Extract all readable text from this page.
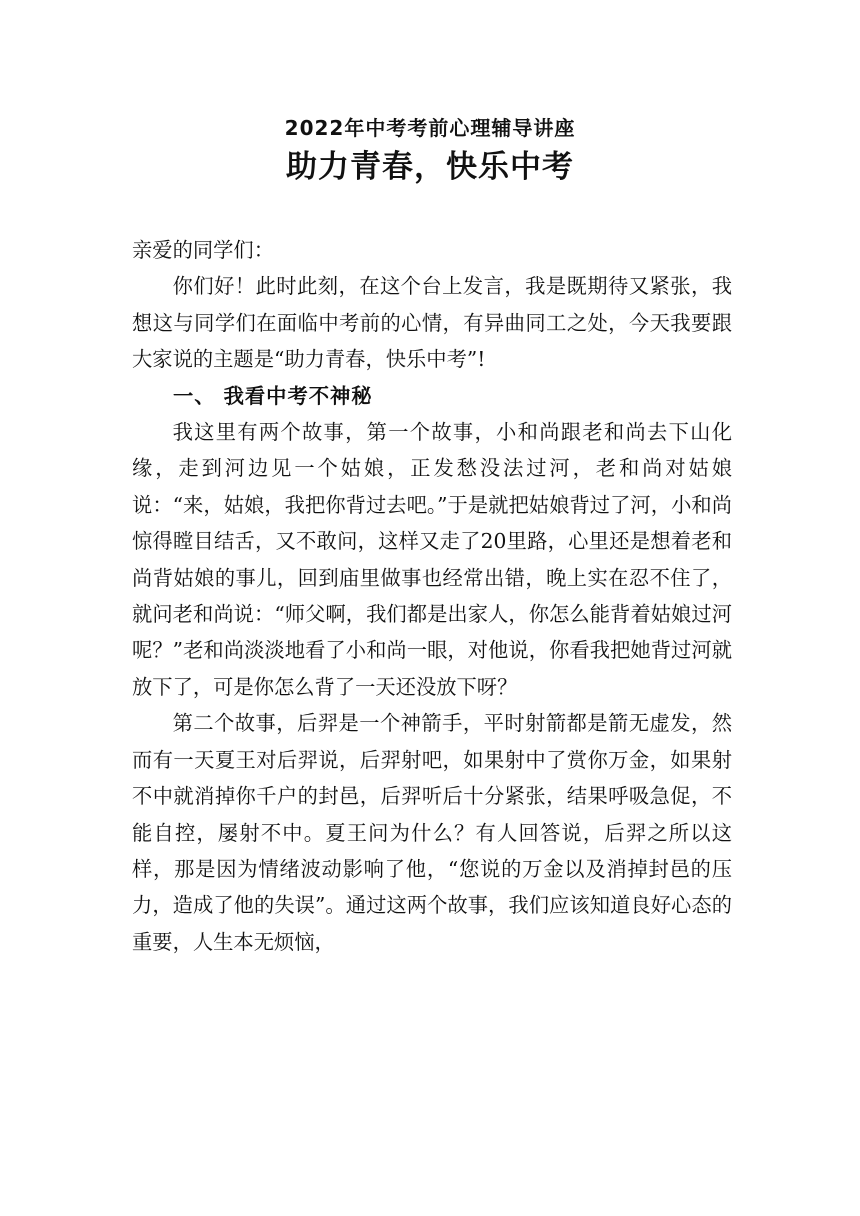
2022年中考考前心理辅导讲座
助力青春，快乐中考

亲爱的同学们：

你们好！此时此刻，在这个台上发言，我是既期待又紧张，我想这与同学们在面临中考前的心情，有异曲同工之处，今天我要跟大家说的主题是“助力青春，快乐中考”!

一、 我看中考不神秘

我这里有两个故事，第一个故事，小和尚跟老和尚去下山化缘，走到河边见一个姑娘，正发愁没法过河，老和尚对姑娘说：“来，姑娘，我把你背过去吧。”于是就把姑娘背过了河，小和尚惊得瞠目结舌，又不敢问，这样又走了20里路，心里还是想着老和尚背姑娘的事儿，回到庙里做事也经常出错，晚上实在忍不住了，就问老和尚说：“师父啊，我们都是出家人，你怎么能背着姑娘过河呢？”老和尚淡淡地看了小和尚一眼，对他说，你看我把她背过河就放下了，可是你怎么背了一天还没放下呀？

第二个故事，后羿是一个神箭手，平时射箭都是箭无虚发，然而有一天夏王对后羿说，后羿射吧，如果射中了赏你万金，如果射不中就消掉你千户的封邑，后羿听后十分紧张，结果呼吸急促，不能自控，屡射不中。夏王问为什么？有人回答说，后羿之所以这样，那是因为情绪波动影响了他，“您说的万金以及消掉封邑的压力，造成了他的失误”。通过这两个故事，我们应该知道良好心态的重要，人生本无烦恼，
